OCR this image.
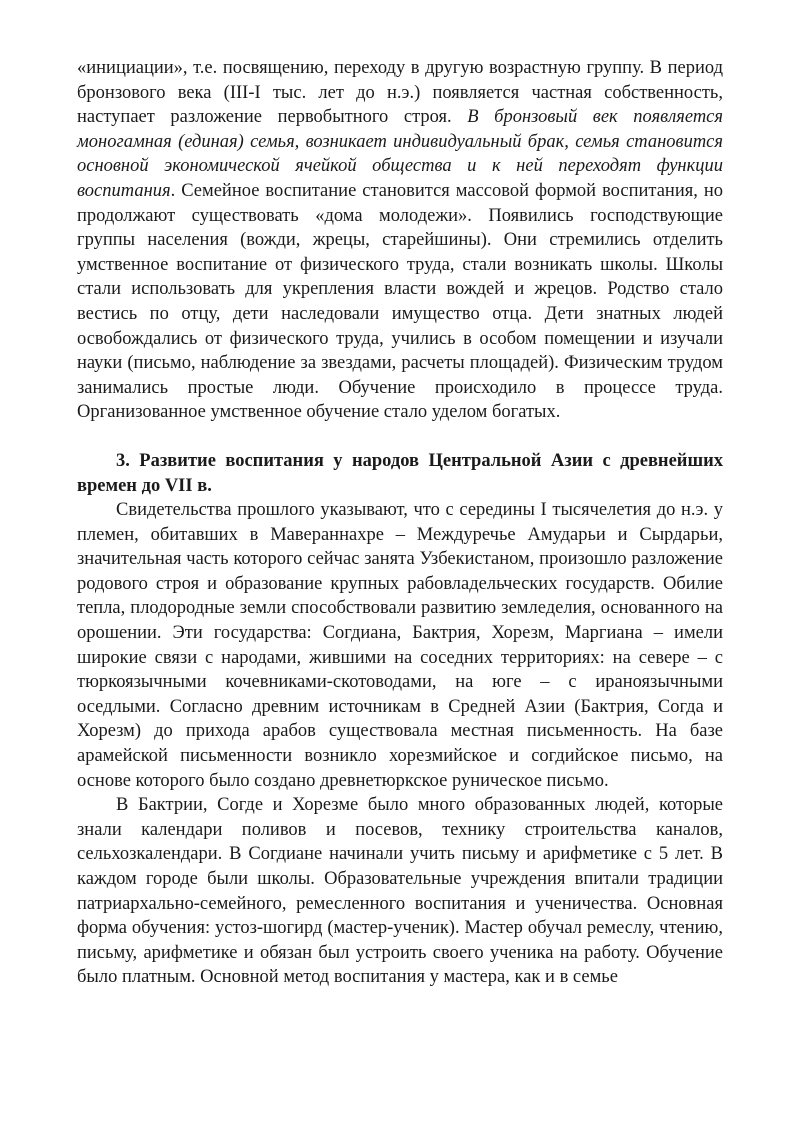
«инициации», т.е. посвящению, переходу в другую возрастную группу. В период бронзового века (III-I тыс. лет до н.э.) появляется частная собственность, наступает разложение первобытного строя. В бронзовый век появляется моногамная (единая) семья, возникает индивидуальный брак, семья становится основной экономической ячейкой общества и к ней переходят функции воспитания. Семейное воспитание становится массовой формой воспитания, но продолжают существовать «дома молодежи». Появились господствующие группы населения (вожди, жрецы, старейшины). Они стремились отделить умственное воспитание от физического труда, стали возникать школы. Школы стали использовать для укрепления власти вождей и жрецов. Родство стало вестись по отцу, дети наследовали имущество отца. Дети знатных людей освобождались от физического труда, учились в особом помещении и изучали науки (письмо, наблюдение за звездами, расчеты площадей). Физическим трудом занимались простые люди. Обучение происходило в процессе труда. Организованное умственное обучение стало уделом богатых.

3. Развитие воспитания у народов Центральной Азии с древнейших времен до VII в.

Свидетельства прошлого указывают, что с середины I тысячелетия до н.э. у племен, обитавших в Мавераннахре – Междуречье Амударьи и Сырдарьи, значительная часть которого сейчас занята Узбекистаном, произошло разложение родового строя и образование крупных рабовладельческих государств. Обилие тепла, плодородные земли способствовали развитию земледелия, основанного на орошении. Эти государства: Согдиана, Бактрия, Хорезм, Маргиана – имели широкие связи с народами, жившими на соседних территориях: на севере – с тюркоязычными кочевниками-скотоводами, на юге – с ираноязычными оседлыми. Согласно древним источникам в Средней Азии (Бактрия, Согда и Хорезм) до прихода арабов существовала местная письменность. На базе арамейской письменности возникло хорезмийское и согдийское письмо, на основе которого было создано древнетюркское руническое письмо.

В Бактрии, Согде и Хорезме было много образованных людей, которые знали календари поливов и посевов, технику строительства каналов, сельхозкалендари. В Согдиане начинали учить письму и арифметике с 5 лет. В каждом городе были школы. Образовательные учреждения впитали традиции патриархально-семейного, ремесленного воспитания и ученичества. Основная форма обучения: устоз-шогирд (мастер-ученик). Мастер обучал ремеслу, чтению, письму, арифметике и обязан был устроить своего ученика на работу. Обучение было платным. Основной метод воспитания у мастера, как и в семье
